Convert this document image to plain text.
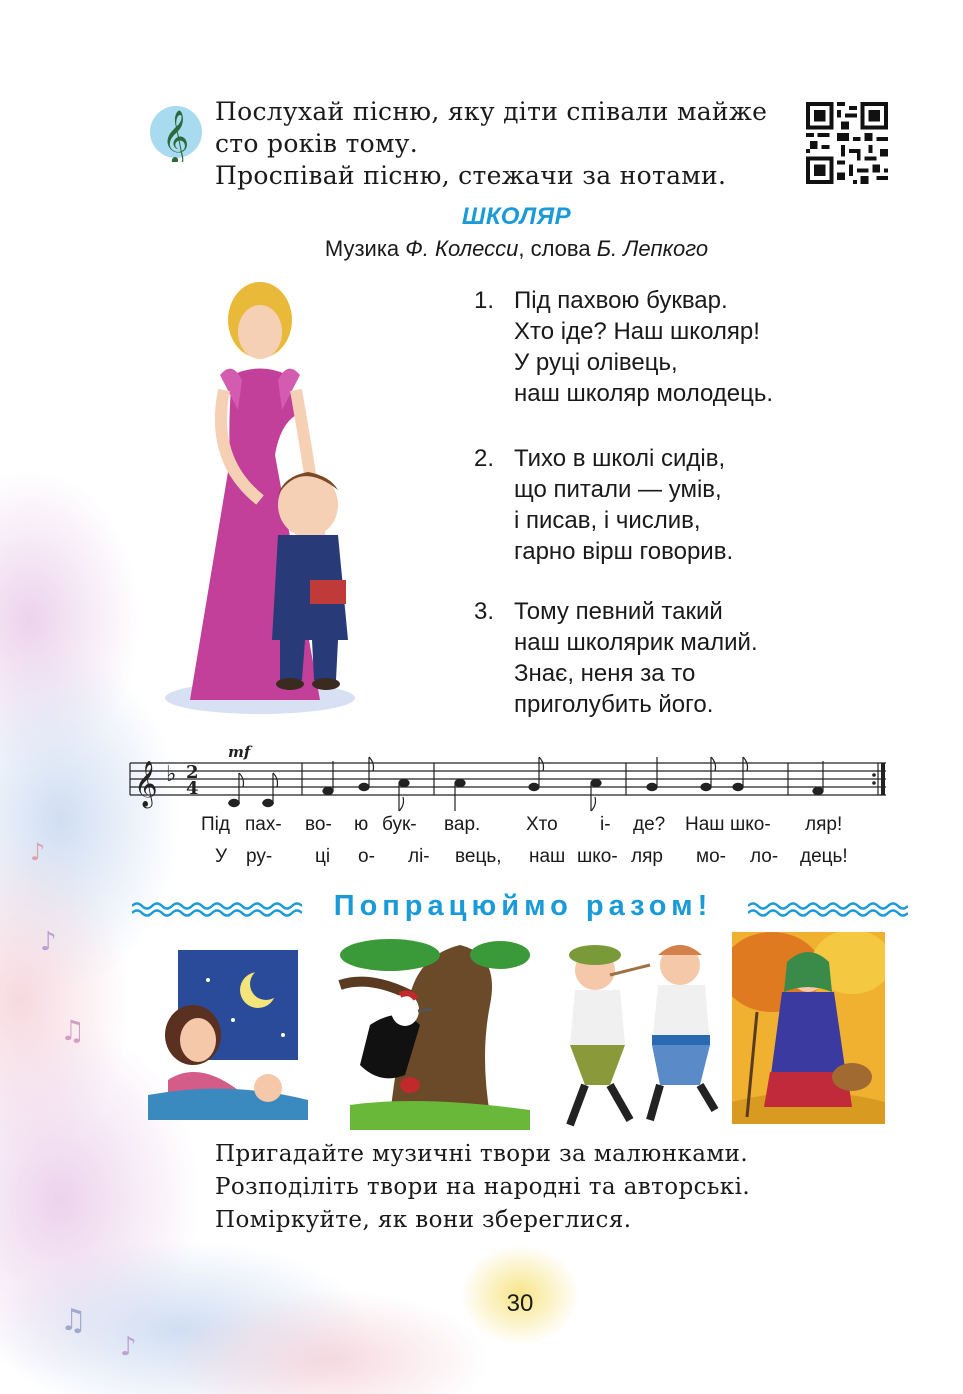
♪
♫
♪
♫
♪
𝄞 Послухай пісню, яку діти співали майже

сто років тому.

Проспівай пісню, стежачи за нотами.

ШКОЛЯР
Музика Ф. Колесси, слова Б. Лепкого
1. Під пахвою буквар.
Хто іде? Наш школяр!
У руці олівець,
наш школяр молодець.
2. Тихо в школі сидів,
що питали — умів,
і писав, і числив,
гарно вірш говорив.
3. Тому певний такий
наш школярик малий.
Знає, неня за то
приголубить його.
𝄞 ♭ 2
4
mf
Під пах- во- ю бук- вар. Хто і- де? Наш шко- ляр!
У ру- ці о- лі- вець, наш шко- ляр мо- ло- дець!
Попрацюймо разом!

Пригадайте музичні твори за малюнками.

Розподіліть твори на народні та авторські.

Поміркуйте, як вони збереглися.

30
